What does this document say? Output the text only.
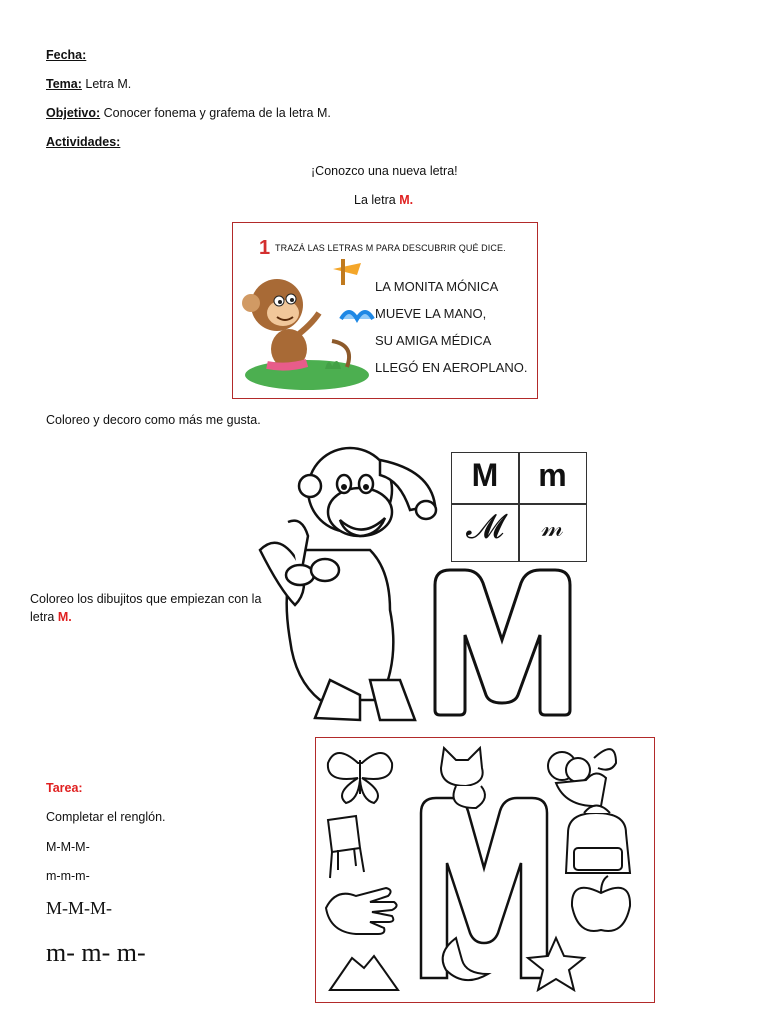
Fecha:
Tema: Letra M.
Objetivo: Conocer fonema y grafema de la letra M.
Actividades:
¡Conozco una nueva letra!
La letra M.
1 TRAZÁ LAS LETRAS M PARA DESCUBRIR QUÉ DICE.
LA MONITA MÓNICA
MUEVE LA MANO,
SU AMIGA MÉDICA
LLEGÓ EN AEROPLANO.
Coloreo y decoro como más me gusta.
M	m
𝓜	𝓂
Coloreo los dibujitos que empiezan con la letra M.
Tarea:
Completar el renglón.
M-M-M-
m-m-m-
M-M-M-
m- m- m-
